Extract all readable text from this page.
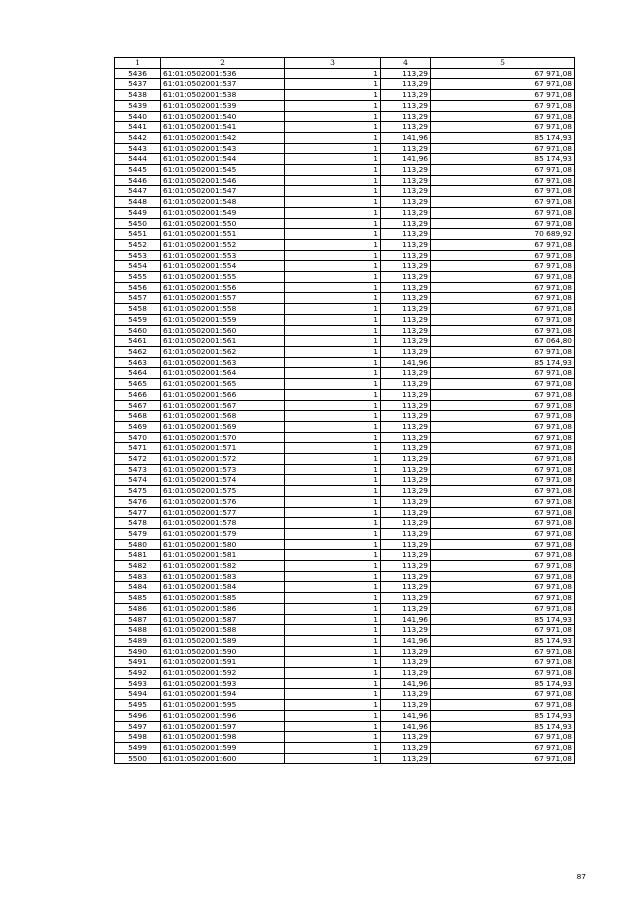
1	2	3	4	5
5436	61:01:0502001:536	1	113,29	67 971,08
5437	61:01:0502001:537	1	113,29	67 971,08
5438	61:01:0502001:538	1	113,29	67 971,08
5439	61:01:0502001:539	1	113,29	67 971,08
5440	61:01:0502001:540	1	113,29	67 971,08
5441	61:01:0502001:541	1	113,29	67 971,08
5442	61:01:0502001:542	1	141,96	85 174,93
5443	61:01:0502001:543	1	113,29	67 971,08
5444	61:01:0502001:544	1	141,96	85 174,93
5445	61:01:0502001:545	1	113,29	67 971,08
5446	61:01:0502001:546	1	113,29	67 971,08
5447	61:01:0502001:547	1	113,29	67 971,08
5448	61:01:0502001:548	1	113,29	67 971,08
5449	61:01:0502001:549	1	113,29	67 971,08
5450	61:01:0502001:550	1	113,29	67 971,08
5451	61:01:0502001:551	1	113,29	70 689,92
5452	61:01:0502001:552	1	113,29	67 971,08
5453	61:01:0502001:553	1	113,29	67 971,08
5454	61:01:0502001:554	1	113,29	67 971,08
5455	61:01:0502001:555	1	113,29	67 971,08
5456	61:01:0502001:556	1	113,29	67 971,08
5457	61:01:0502001:557	1	113,29	67 971,08
5458	61:01:0502001:558	1	113,29	67 971,08
5459	61:01:0502001:559	1	113,29	67 971,08
5460	61:01:0502001:560	1	113,29	67 971,08
5461	61:01:0502001:561	1	113,29	67 064,80
5462	61:01:0502001:562	1	113,29	67 971,08
5463	61:01:0502001:563	1	141,96	85 174,93
5464	61:01:0502001:564	1	113,29	67 971,08
5465	61:01:0502001:565	1	113,29	67 971,08
5466	61:01:0502001:566	1	113,29	67 971,08
5467	61:01:0502001:567	1	113,29	67 971,08
5468	61:01:0502001:568	1	113,29	67 971,08
5469	61:01:0502001:569	1	113,29	67 971,08
5470	61:01:0502001:570	1	113,29	67 971,08
5471	61:01:0502001:571	1	113,29	67 971,08
5472	61:01:0502001:572	1	113,29	67 971,08
5473	61:01:0502001:573	1	113,29	67 971,08
5474	61:01:0502001:574	1	113,29	67 971,08
5475	61:01:0502001:575	1	113,29	67 971,08
5476	61:01:0502001:576	1	113,29	67 971,08
5477	61:01:0502001:577	1	113,29	67 971,08
5478	61:01:0502001:578	1	113,29	67 971,08
5479	61:01:0502001:579	1	113,29	67 971,08
5480	61:01:0502001:580	1	113,29	67 971,08
5481	61:01:0502001:581	1	113,29	67 971,08
5482	61:01:0502001:582	1	113,29	67 971,08
5483	61:01:0502001:583	1	113,29	67 971,08
5484	61:01:0502001:584	1	113,29	67 971,08
5485	61:01:0502001:585	1	113,29	67 971,08
5486	61:01:0502001:586	1	113,29	67 971,08
5487	61:01:0502001:587	1	141,96	85 174,93
5488	61:01:0502001:588	1	113,29	67 971,08
5489	61:01:0502001:589	1	141,96	85 174,93
5490	61:01:0502001:590	1	113,29	67 971,08
5491	61:01:0502001:591	1	113,29	67 971,08
5492	61:01:0502001:592	1	113,29	67 971,08
5493	61:01:0502001:593	1	141,96	85 174,93
5494	61:01:0502001:594	1	113,29	67 971,08
5495	61:01:0502001:595	1	113,29	67 971,08
5496	61:01:0502001:596	1	141,96	85 174,93
5497	61:01:0502001:597	1	141,96	85 174,93
5498	61:01:0502001:598	1	113,29	67 971,08
5499	61:01:0502001:599	1	113,29	67 971,08
5500	61:01:0502001:600	1	113,29	67 971,08
87
